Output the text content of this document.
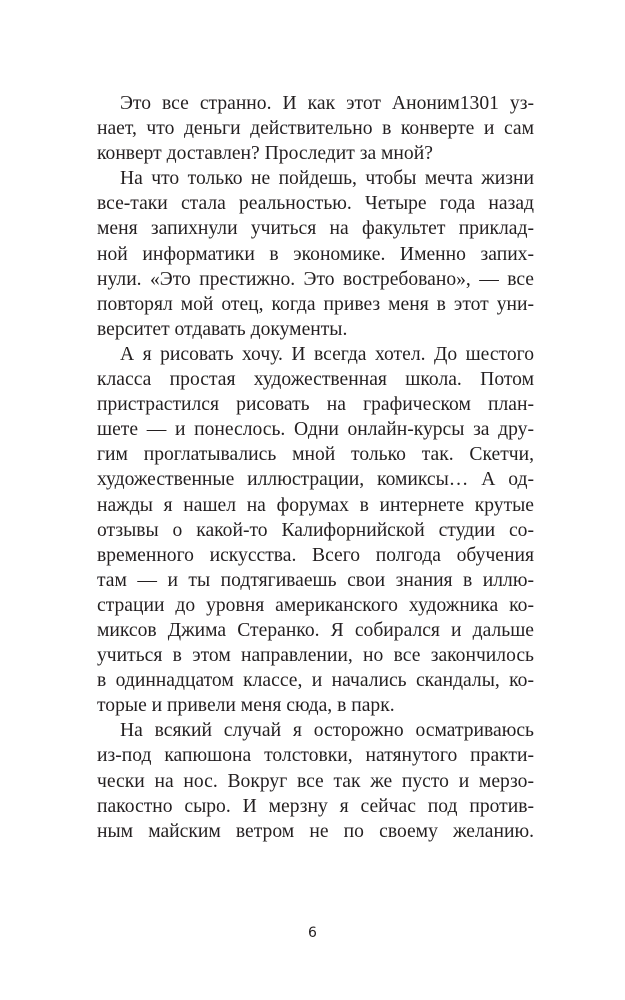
Это все странно. И как этот Аноним1301 уз-
нает, что деньги действительно в конверте и сам
конверт доставлен? Проследит за мной?
На что только не пойдешь, чтобы мечта жизни
все-таки стала реальностью. Четыре года назад
меня запихнули учиться на факультет приклад-
ной информатики в экономике. Именно запих-
нули. «Это престижно. Это востребовано», — все
повторял мой отец, когда привез меня в этот уни-
верситет отдавать документы.
А я рисовать хочу. И всегда хотел. До шестого
класса простая художественная школа. Потом
пристрастился рисовать на графическом план-
шете — и понеслось. Одни онлайн-курсы за дру-
гим проглатывались мной только так. Скетчи,
художественные иллюстрации, комиксы… А од-
нажды я нашел на форумах в интернете крутые
отзывы о какой-то Калифорнийской студии со-
временного искусства. Всего полгода обучения
там — и ты подтягиваешь свои знания в иллю-
страции до уровня американского художника ко-
миксов Джима Стеранко. Я собирался и дальше
учиться в этом направлении, но все закончилось
в одиннадцатом классе, и начались скандалы, ко-
торые и привели меня сюда, в парк.
На всякий случай я осторожно осматриваюсь
из-под капюшона толстовки, натянутого практи-
чески на нос. Вокруг все так же пусто и мерзо-
пакостно сыро. И мерзну я сейчас под против-
ным майским ветром не по своему желанию.
6
